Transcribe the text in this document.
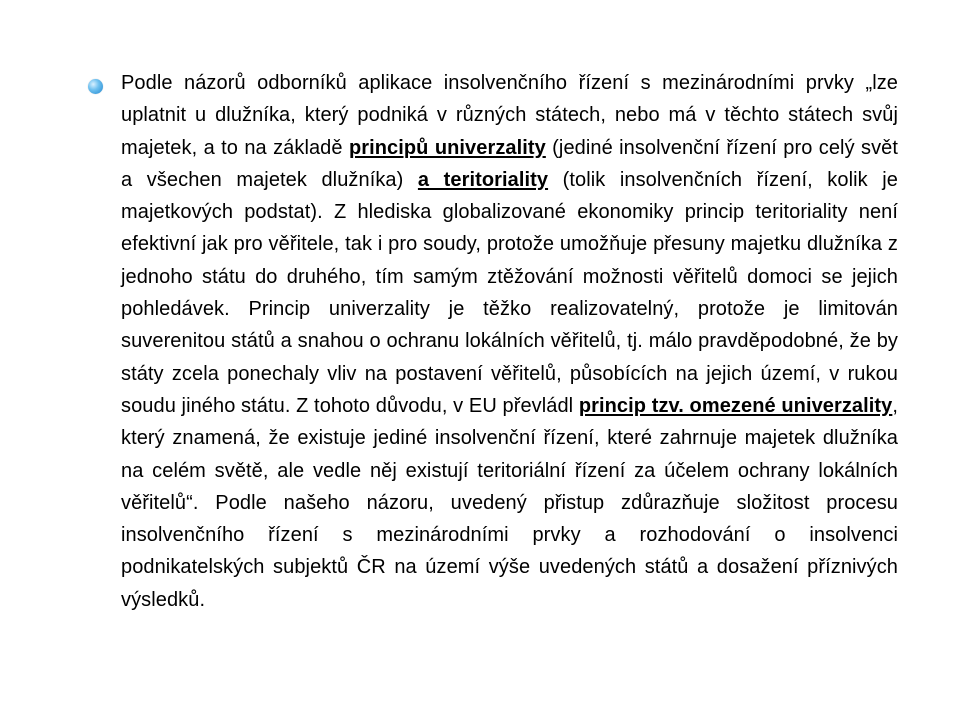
Podle názorů odborníků aplikace insolvenčního řízení s mezinárodními prvky „lze uplatnit u dlužníka, který podniká v různých státech, nebo má v těchto státech svůj majetek, a to na základě principů univerzality (jediné insolvenční řízení pro celý svět a všechen majetek dlužníka) a teritoriality (tolik insolvenčních řízení, kolik je majetkových podstat). Z hlediska globalizované ekonomiky princip teritoriality není efektivní jak pro věřitele, tak i pro soudy, protože umožňuje přesuny majetku dlužníka z jednoho státu do druhého, tím samým ztěžování možnosti věřitelů domoci se jejich pohledávek. Princip univerzality je těžko realizovatelný, protože je limitován suverenitou států a snahou o ochranu lokálních věřitelů, tj. málo pravděpodobné, že by státy zcela ponechaly vliv na postavení věřitelů, působících na jejich území, v rukou soudu jiného státu. Z tohoto důvodu, v EU převládl princip tzv. omezené univerzality, který znamená, že existuje jediné insolvenční řízení, které zahrnuje majetek dlužníka na celém světě, ale vedle něj existují teritoriální řízení za účelem ochrany lokálních věřitelů“. Podle našeho názoru, uvedený přistup zdůrazňuje složitost procesu insolvenčního řízení s mezinárodními prvky a rozhodování o insolvenci podnikatelských subjektů ČR na území výše uvedených států a dosažení příznivých výsledků.
